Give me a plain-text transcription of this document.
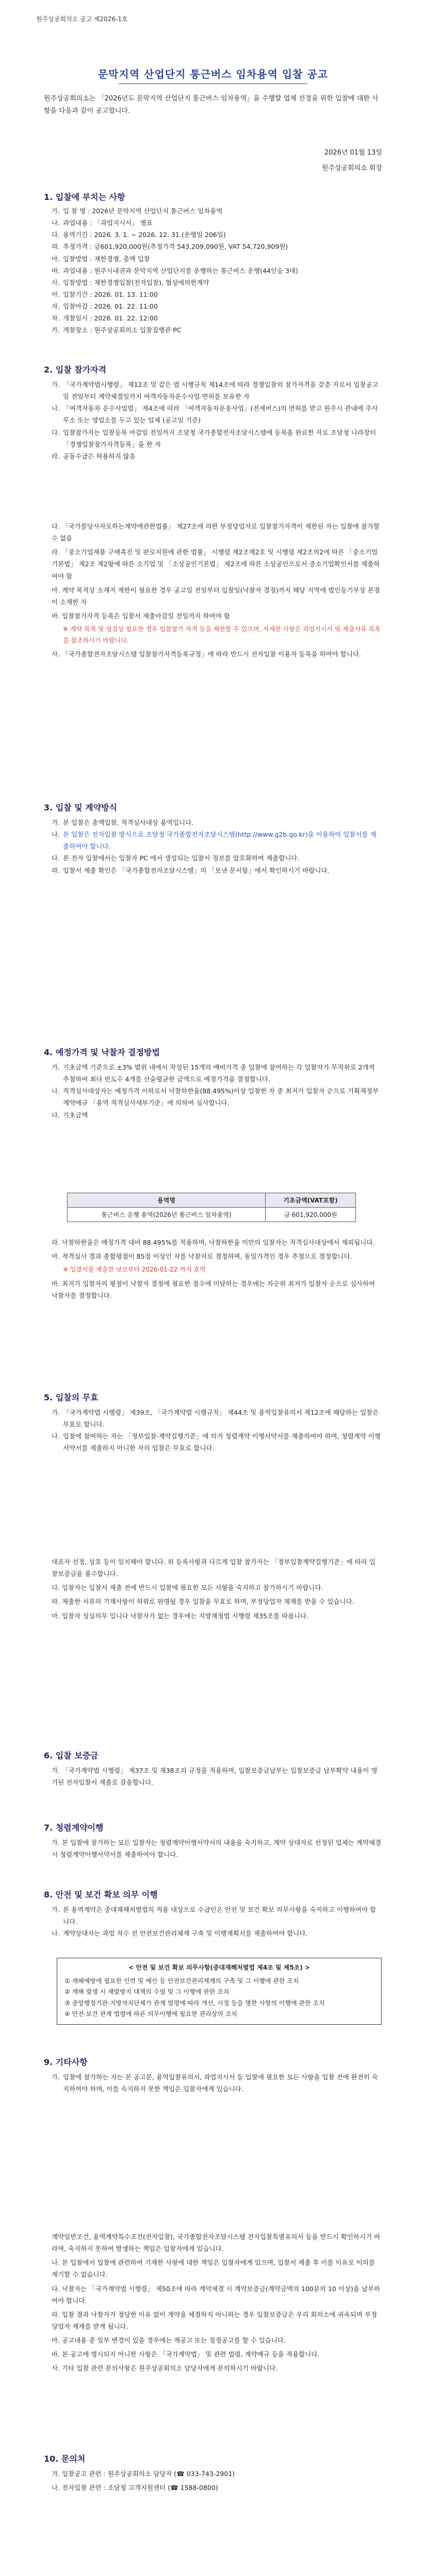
원주상공회의소 공고 제2026-1호
문막지역 산업단지 통근버스 임차용역 입찰 공고
원주상공회의소는 「2026년도 문막지역 산업단지 통근버스 임차용역」을 수행할 업체 선정을 위한 입찰에 대한 사항을 다음과 같이 공고합니다.
2026년 01월 13일
원주상공회의소 회장
1. 입찰에 부치는 사항
가. 입 찰 명 : 2026년 문막지역 산업단지 통근버스 임차용역
나. 과업내용 : 「과업지시서」 별표
다. 용역기간 : 2026. 3. 1. ~ 2026. 12. 31.(운행일 206일)
라. 추정가격 : 금601,920,000원(추정가격 543,209,090원, VAT 54,720,909원)
마. 입찰방법 : 제한경쟁, 총액 입찰
바. 과업내용 : 원주시내권과 문막지역 산업단지를 운행하는 통근버스 운행(44인승 3대)
사. 입찰방법 : 제한경쟁입찰(전자입찰), 협상에의한계약
아. 입찰기간 : 2026. 01. 13. 11:00
자. 입찰마감 : 2026. 01. 22. 11:00
차. 개찰일시 : 2026. 01. 22. 12:00
카. 개찰장소 : 원주상공회의소 입찰집행관 PC
2. 입찰 참가자격
가. 「국가계약법시행령」 제12조 및 같은 법 시행규칙 제14조에 따라 경쟁입찰의 참가자격을 갖춘 자로서 입찰공고일 전일부터 계약체결일까지 여객자동차운수사업 면허를 보유한 자
나. 「여객자동차 운수사업법」 제4조에 따라 「여객자동차운송사업」(전세버스)의 면허를 받고 원주시 관내에 주사무소 또는 영업소를 두고 있는 업체 (공고일 기준)
다. 입찰참가자는 입찰등록 마감일 전일까지 조달청 국가종합전자조달시스템에 등록을 완료한 자로 조달청 나라장터 「경쟁입찰참가자격등록」을 한 자
라. 공동수급은 허용하지 않음

다. 「국가를당사자로하는계약에관한법률」 제27조에 의한 부정당업자로 입찰참가자격이 제한된 자는 입찰에 참가할 수 없음

라. 「중소기업제품 구매촉진 및 판로지원에 관한 법률」 시행령 제2조제2호 및 시행령 제2조의2에 따른 「중소기업기본법」 제2조 제2항에 따른 소기업 및 「소상공인기본법」 제2조에 따른 소상공인으로서 중소기업확인서를 제출하여야 함

마. 계약 목적상 소재지 제한이 필요한 경우 공고일 전일부터 입찰일(낙찰자 결정)까지 해당 지역에 법인등기부상 본점이 소재한 자

바. 입찰참가자격 등록은 입찰서 제출마감일 전일까지 하여야 함

※ 계약 목적 및 성질상 필요한 경우 입찰참가 자격 등을 제한할 수 있으며, 자세한 사항은 과업지시서 및 제출서류 목록을 참조하시기 바랍니다.

사. 「국가종합전자조달시스템 입찰참가자격등록규정」에 따라 반드시 전자입찰 이용자 등록을 하여야 합니다.

3. 입찰 및 계약방식
가. 본 입찰은 총액입찰, 적격심사대상 용역입니다.
나. 본 입찰은 전자입찰 방식으로 조달청 국가종합전자조달시스템(http://www.g2b.go.kr)을 이용하여 입찰서를 제출하여야 합니다.
다. 본 전자 입찰에서는 입찰자 PC 에서 생성되는 입찰서 정보를 암호화하여 제출합니다.
라. 입찰서 제출 확인은 「국가종합전자조달시스템」의 「보낸 문서함」에서 확인하시기 바랍니다.
4. 예정가격 및 낙찰자 결정방법
가. 기초금액 기준으로 ±3% 범위 내에서 작성된 15개의 예비가격 중 입찰에 참여하는 각 입찰자가 무작위로 2개씩 추첨하여 최다 빈도수 4개를 산술평균한 금액으로 예정가격을 결정합니다.
나. 적격심사대상자는 예정가격 이하로서 낙찰하한율(88.495%)이상 입찰한 자 중 최저가 입찰자 순으로 기획재정부 계약예규 「용역 적격심사세부기준」에 의하여 심사합니다.
다. 기초금액
용역명	기초금액(VAT포함)
통근버스 운행 용역(2026년 통근버스 임차용역)	금 601,920,000원

라. 낙찰하한율은 예정가격 대비 88.495%를 적용하며, 낙찰하한율 미만의 입찰자는 적격심사대상에서 제외됩니다.

마. 적격심사 결과 종합평점이 85점 이상인 자를 낙찰자로 결정하며, 동일가격인 경우 추첨으로 결정합니다.

※ 입찰서를 제출한 날로부터 2026-01-22 까지 효력

바. 최저가 입찰자의 평점이 낙찰자 결정에 필요한 점수에 미달하는 경우에는 차순위 최저가 입찰자 순으로 심사하여 낙찰자를 결정합니다.

5. 입찰의 무효
가. 「국가계약법 시행령」 제39조, 「국가계약법 시행규칙」 제44조 및 용역입찰유의서 제12조에 해당하는 입찰은 무효로 합니다.
나. 입찰에 참여하는 자는 「정부입찰·계약집행기준」에 의거 청렴계약 이행서약서를 제출하여야 하며, 청렴계약 이행서약서를 제출하지 아니한 자의 입찰은 무효로 합니다.

대표자 선정, 상호 등이 일치해야 합니다. 위 등록사항과 다르게 입찰 참가자는 「정부입찰계약집행기준」에 따라 입찰보증금을 몰수합니다.

다. 입찰자는 입찰서 제출 전에 반드시 입찰에 필요한 모든 사항을 숙지하고 참가하시기 바랍니다.

라. 제출한 서류의 기재사항이 허위로 판명될 경우 입찰을 무효로 하며, 부정당업자 제재를 받을 수 있습니다.

마. 입찰자 성실의무 입니다 낙찰자가 없는 경우에는 지방재정법 시행령 제35조를 따릅니다.

6. 입찰 보증금
가. 「국가계약법 시행령」 제37조 및 제38조의 규정을 적용하며, 입찰보증금납부는 입찰보증금 납부확약 내용이 명기된 전자입찰서 제출로 갈음합니다.
7. 청렴계약이행
가. 본 입찰에 참가하는 모든 입찰자는 청렴계약이행서약서의 내용을 숙지하고, 계약 상대자로 선정된 업체는 계약체결 시 청렴계약이행서약서를 제출하여야 합니다.
8. 안전 및 보건 확보 의무 이행
가. 본 용역계약은 중대재해처벌법의 적용 대상으로 수급인은 안전 및 보건 확보 의무사항을 숙지하고 이행하여야 합니다.
나. 계약상대자는 과업 착수 전 안전보건관리체계 구축 및 이행계획서를 제출하여야 합니다.
< 안전 및 보건 확보 의무사항(중대재해처벌법 제4조 및 제5조) >
① 재해예방에 필요한 인력 및 예산 등 안전보건관리체계의 구축 및 그 이행에 관한 조치
② 재해 발생 시 재발방지 대책의 수립 및 그 이행에 관한 조치
③ 중앙행정기관·지방자치단체가 관계 법령에 따라 개선, 시정 등을 명한 사항의 이행에 관한 조치
④ 안전·보건 관계 법령에 따른 의무이행에 필요한 관리상의 조치
9. 기타사항
가. 입찰에 참가하는 자는 본 공고문, 용역입찰유의서, 과업지시서 등 입찰에 필요한 모든 사항을 입찰 전에 완전히 숙지하여야 하며, 이를 숙지하지 못한 책임은 입찰자에게 있습니다.

계약일반조건, 용역계약특수조건(전자입찰), 국가종합전자조달시스템 전자입찰특별유의서 등을 반드시 확인하시기 바라며, 숙지하지 못하여 발생하는 책임은 입찰자에게 있습니다.

나. 본 입찰에서 입찰에 관련하여 기재한 사항에 대한 책임은 입찰자에게 있으며, 입찰서 제출 후 이를 이유로 이의를 제기할 수 없습니다.

다. 낙찰자는 「국가계약법 시행령」 제50조에 따라 계약체결 시 계약보증금(계약금액의 100분의 10 이상)을 납부하여야 합니다.

라. 입찰 결과 낙찰자가 정당한 이유 없이 계약을 체결하지 아니하는 경우 입찰보증금은 우리 회의소에 귀속되며 부정당업자 제재를 받게 됩니다.

마. 공고내용 중 일부 변경이 있을 경우에는 재공고 또는 정정공고를 할 수 있습니다.

바. 본 공고에 명시되지 아니한 사항은 「국가계약법」 및 관련 법령, 계약예규 등을 적용합니다.

사. 기타 입찰 관련 문의사항은 원주상공회의소 담당자에게 문의하시기 바랍니다.

10. 문의처

가. 입찰공고 관련 : 원주상공회의소 담당자 (☎ 033-743-2901)

나. 전자입찰 관련 : 조달청 고객지원센터 (☎ 1588-0800)
